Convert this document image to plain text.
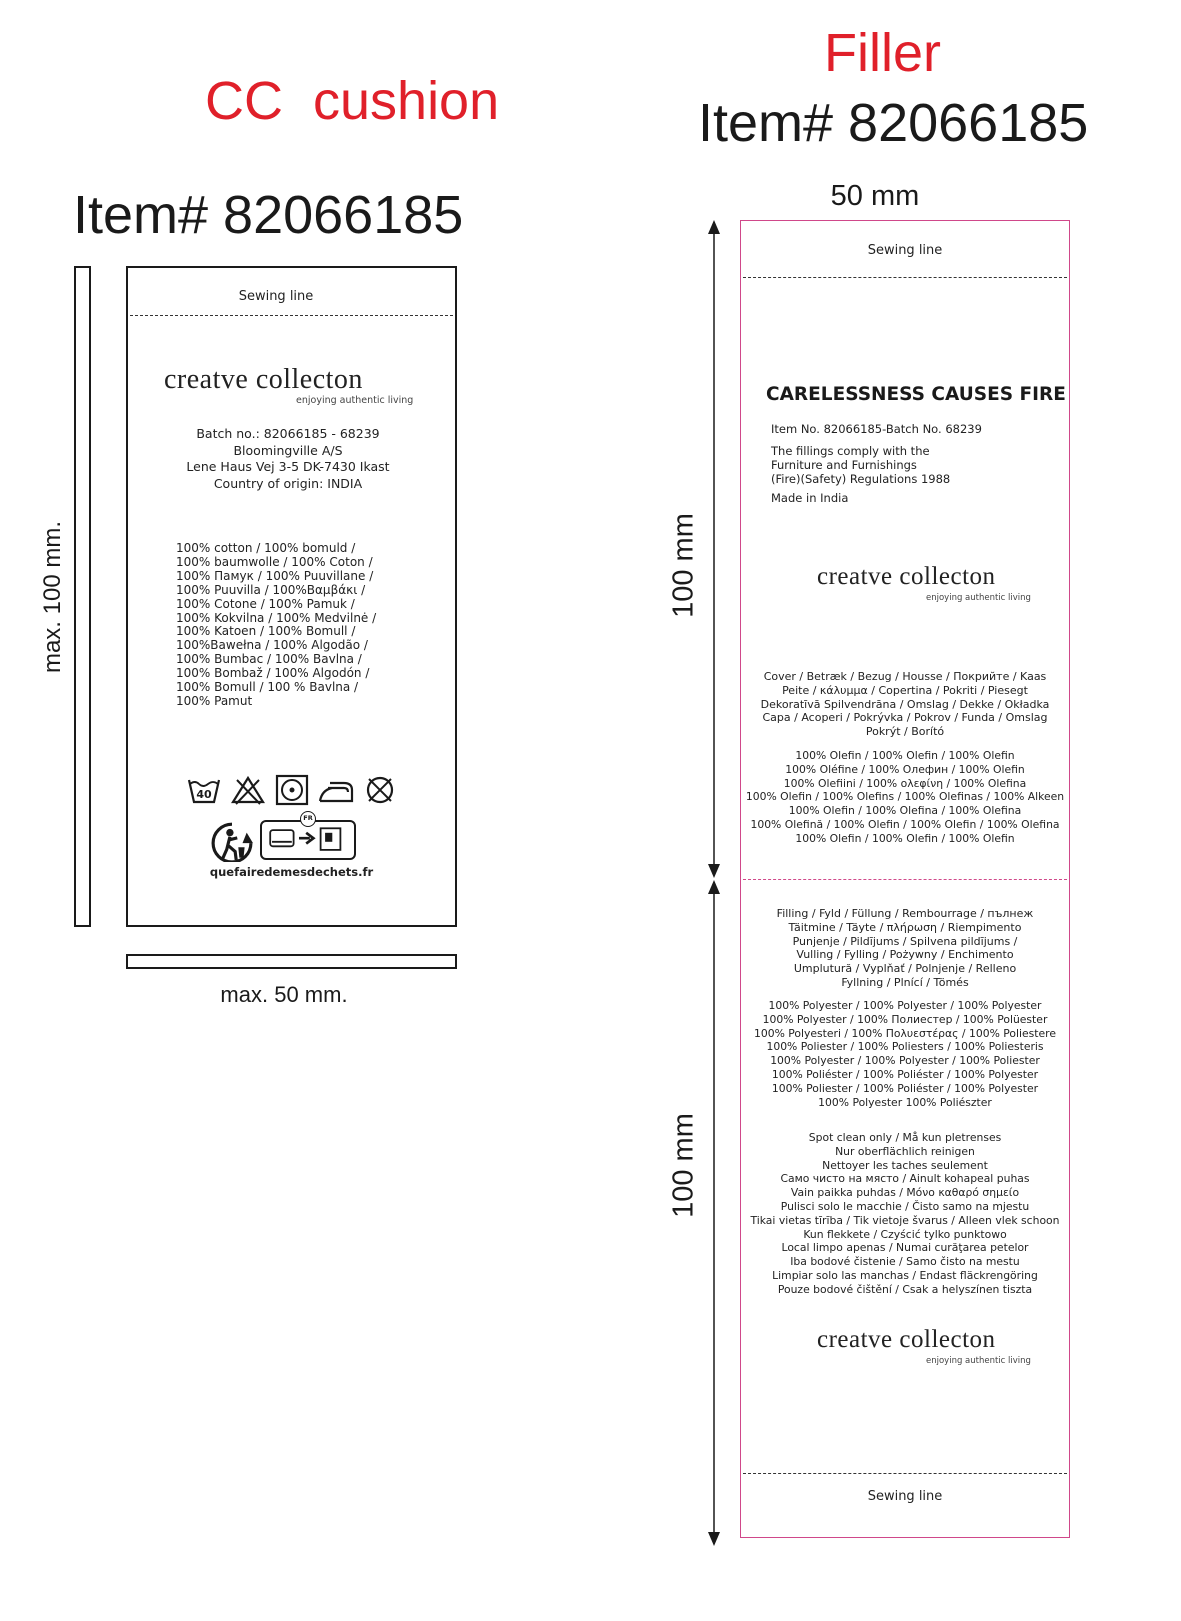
CC  cushion
Item# 82066185
max. 100 mm.
Sewing line
creatve collecton
enjoying authentic living
Batch no.: 82066185 - 68239
Bloomingville A/S
Lene Haus Vej 3-5 DK-7430 Ikast
Country of origin: INDIA
100% cotton / 100% bomuld /
100% baumwolle / 100% Coton /
100% Памук / 100% Puuvillane /
100% Puuvilla / 100%Βαμβάκι /
100% Cotone / 100% Pamuk /
100% Kokvilna / 100% Medvilnė /
100% Katoen / 100% Bomull /
100%Bawełna / 100% Algodão /
100% Bumbac / 100% Bavlna /
100% Bombaž / 100% Algodón /
100% Bomull / 100 % Bavlna /
100% Pamut
40
FR
quefairedemesdechets.fr
max. 50 mm.
Filler
Item# 82066185
50 mm
100 mm
100 mm
Sewing line
CARELESSNESS CAUSES FIRE
Item No. 82066185-Batch No. 68239
The fillings comply with the
Furniture and Furnishings
(Fire)(Safety) Regulations 1988
Made in India
creatve collecton
enjoying authentic living
Cover / Betræk / Bezug / Housse / Покрийте / Kaas
Peite / κάλυμμα / Copertina / Pokriti / Piesegt
Dekoratīvā Spilvendrāna / Omslag / Dekke / Okładka
Capa / Acoperi / Pokrývka / Pokrov / Funda / Omslag
Pokrýt / Borító
100% Olefin / 100% Olefin / 100% Olefin
100% Oléfine / 100% Олефин / 100% Olefin
100% Olefiini / 100% ολεφίνη / 100% Olefina
100% Olefin / 100% Olefins / 100% Olefinas / 100% Alkeen
100% Olefin / 100% Olefina / 100% Olefina
100% Olefină / 100% Olefin / 100% Olefin / 100% Olefina
100% Olefin / 100% Olefin / 100% Olefin
Filling / Fyld / Füllung / Rembourrage / пълнеж
Täitmine / Täyte / πλήρωση / Riempimento
Punjenje / Pildījums / Spilvena pildījums /
Vulling / Fylling / Pożywny / Enchimento
Umplutură / Vyplňať / Polnjenje / Relleno
Fyllning / Plnící / Tömés
100% Polyester / 100% Polyester / 100% Polyester
100% Polyester / 100% Полиестер / 100% Polüester
100% Polyesteri / 100% Πολυεστέρας / 100% Poliestere
100% Poliester / 100% Poliesters / 100% Poliesteris
100% Polyester / 100% Polyester / 100% Poliester
100% Poliéster / 100% Poliéster / 100% Polyester
100% Poliester / 100% Poliéster / 100% Polyester
100% Polyester 100% Poliészter
Spot clean only / Må kun pletrenses
Nur oberflächlich reinigen
Nettoyer les taches seulement
Само чисто на място / Ainult kohapeal puhas
Vain paikka puhdas / Μόνο καθαρό σημείο
Pulisci solo le macchie / Čisto samo na mjestu
Tikai vietas tīrība / Tik vietoje švarus / Alleen vlek schoon
Kun flekkete / Czyścić tylko punktowo
Local limpo apenas / Numai curăţarea petelor
Iba bodové čistenie / Samo čisto na mestu
Limpiar solo las manchas / Endast fläckrengöring
Pouze bodové čištění / Csak a helyszínen tiszta
creatve collecton
enjoying authentic living
Sewing line
